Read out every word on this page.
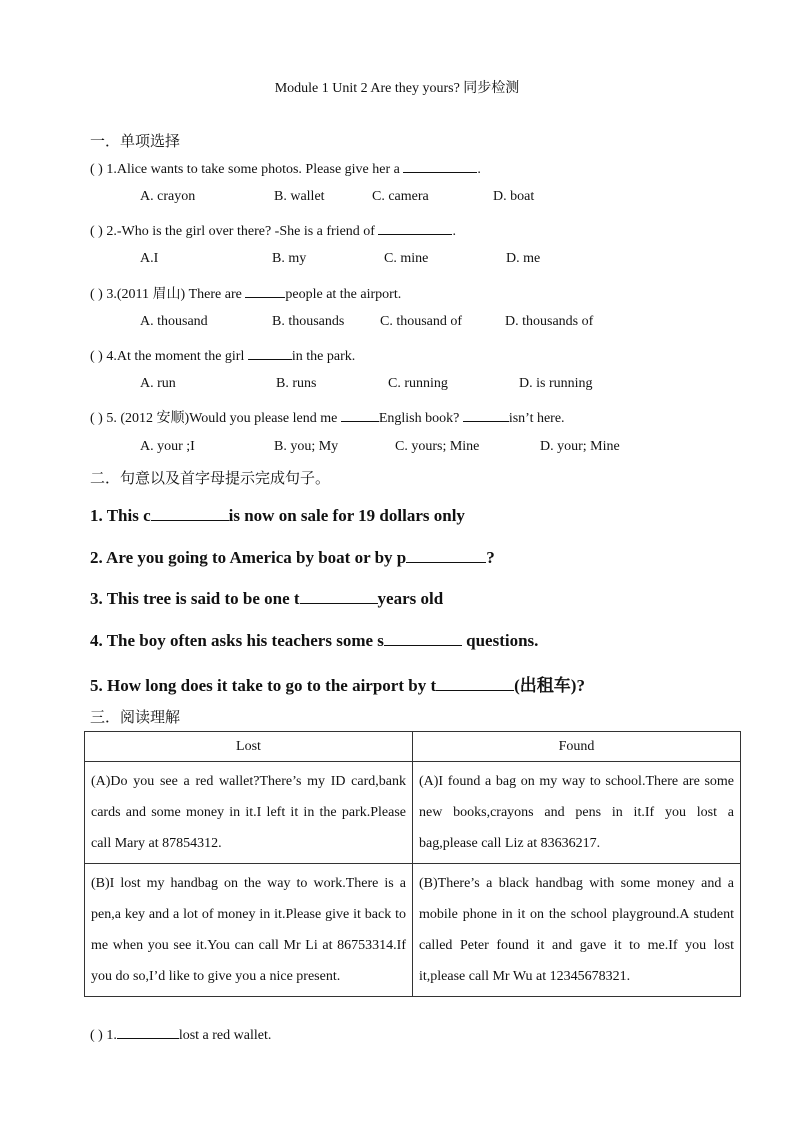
Module 1 Unit 2 Are they yours? 同步检测
一．单项选择
( ) 1.Alice wants to take some photos. Please give her a	.
A. crayon	B. wallet	C. camera	D. boat
( ) 2.-Who is the girl over there? -She is a friend of	.
A.I	B. my	C. mine	D. me
( ) 3.(2011 眉山) There are	people at the airport.
A. thousand	B. thousands	C. thousand of	D. thousands of
( ) 4.At the moment the girl	in the park.
A. run	B. runs	C. running	D. is running
( ) 5. (2012 安顺)Would you please lend me	English book?	isn’t here.
A. your ;I	B. you; My	C. yours; Mine	D. your; Mine
二．句意以及首字母提示完成句子。
1. This c	is now on sale for 19 dollars only
2. Are you going to America by boat or by p	?
3. This tree is said to be one t	years old
4. The boy often asks his teachers some s	questions.
5. How long does it take to go to the airport by t	(出租车)?
三．阅读理解
Lost	Found
(A)Do you see a red wallet?There’s my ID card,bank cards and some money in it.I left it in the park.Please call Mary at 87854312.	(A)I found a bag on my way to school.There are some new books,crayons and pens in it.If you lost a bag,please call Liz at 83636217.
(B)I lost my handbag on the way to work.There is a pen,a key and a lot of money in it.Please give it back to me when you see it.You can call Mr Li at 86753314.If you do so,I’d like to give you a nice present.	(B)There’s a black handbag with some money and a mobile phone in it on the school playground.A student called Peter found it and gave it to me.If you lost it,please call Mr Wu at 12345678321.
( ) 1.	lost a red wallet.
